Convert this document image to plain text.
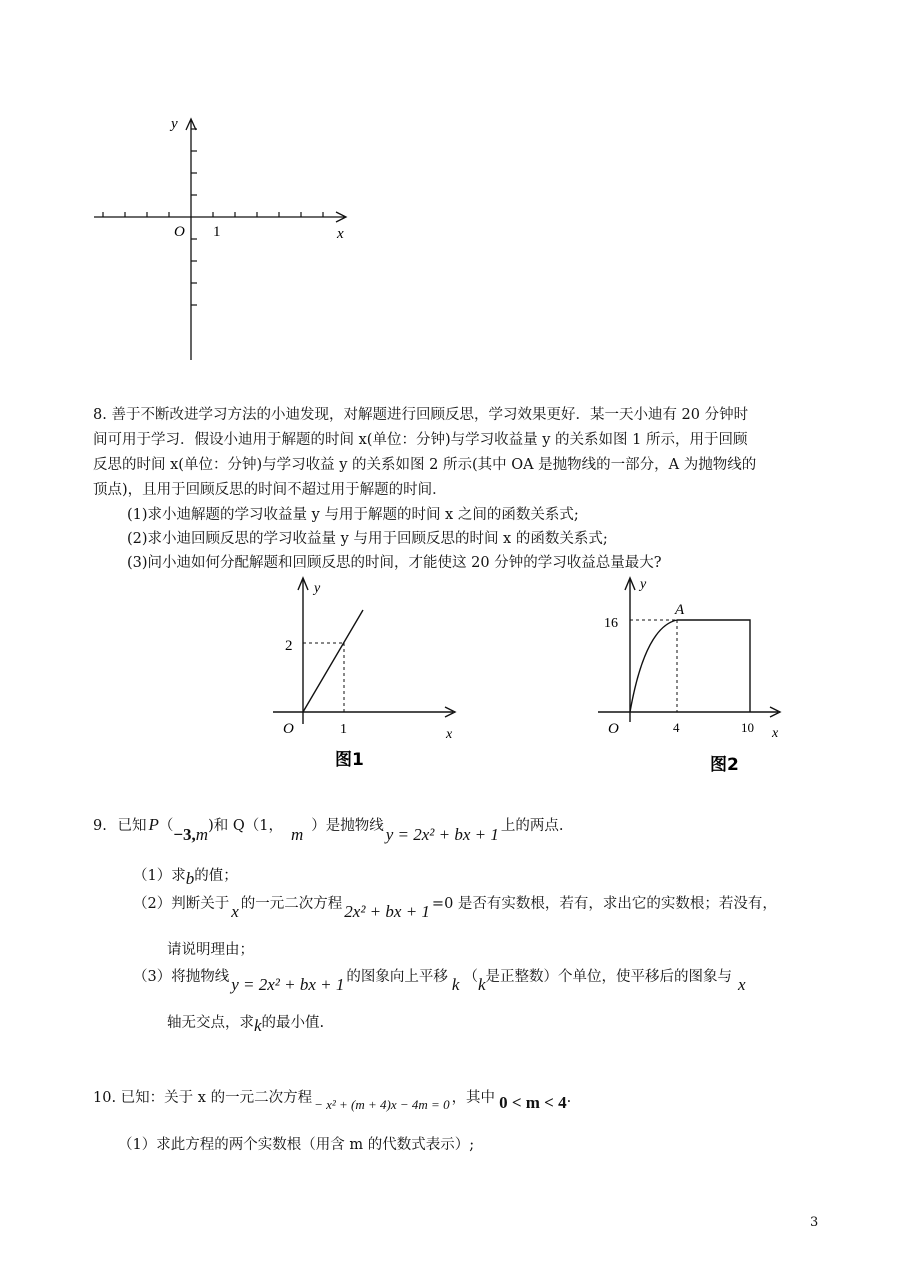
y
x
O 1
8. 善于不断改进学习方法的小迪发现，对解题进行回顾反思，学习效果更好．某一天小迪有 20 分钟时
间可用于学习．假设小迪用于解题的时间 x(单位：分钟)与学习收益量 y 的关系如图 1 所示，用于回顾
反思的时间 x(单位：分钟)与学习收益 y 的关系如图 2 所示(其中 OA 是抛物线的一部分，A 为抛物线的
顶点)，且用于回顾反思的时间不超过用于解题的时间．
(1)求小迪解题的学习收益量 y 与用于解题的时间 x 之间的函数关系式;
(2)求小迪回顾反思的学习收益量 y 与用于回顾反思的时间 x 的函数关系式;
(3)问小迪如何分配解题和回顾反思的时间，才能使这 20 分钟的学习收益总量最大?
y
2
O	1	x
图1
y
A
16
O	4	10 x
图2
9. 已知 P（−3,m)和 Q（1， m ）是抛物线 y = 2x² + bx + 1 上的两点.
（1）求b的值；
（2）判断关于 x 的一元二次方程 2x² + bx + 1 =0 是否有实数根，若有，求出它的实数根；若没有，
请说明理由；
（3）将抛物线 y = 2x² + bx + 1 的图象向上平移 k （k是正整数）个单位，使平移后的图象与 x
轴无交点，求k的最小值.
10. 已知：关于 x 的一元二次方程 − x² + (m + 4)x − 4m = 0 ，其中 0 < m < 4.
（1）求此方程的两个实数根（用含 m 的代数式表示）;
3
